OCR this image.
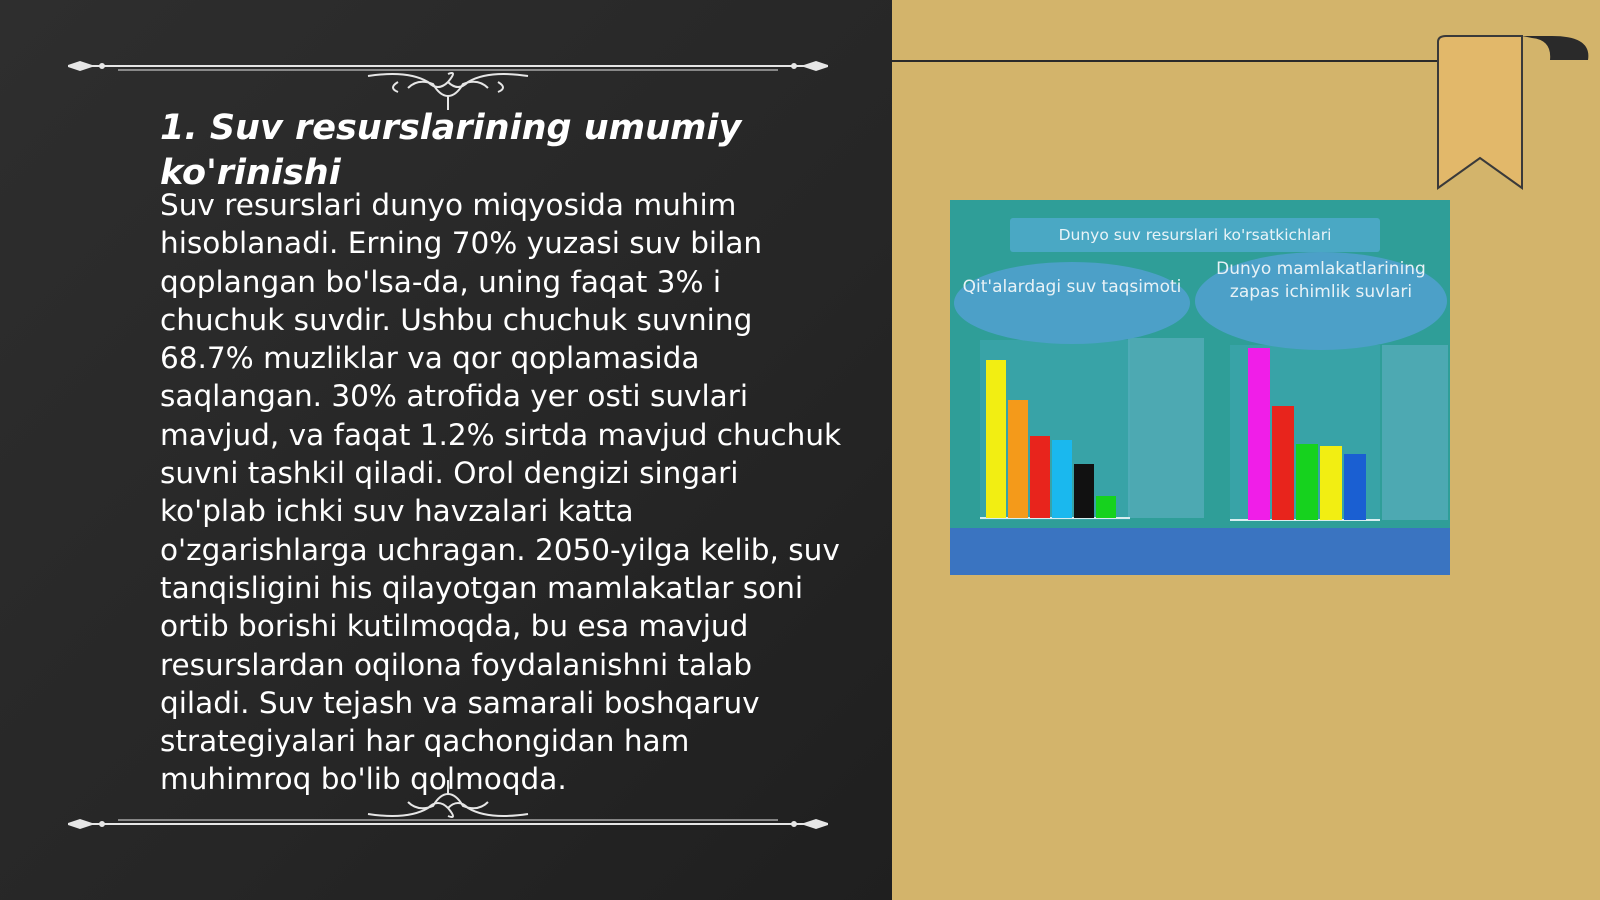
1. Suv resurslarining umumiy ko'rinishi

Suv resurslari dunyo miqyosida muhim hisoblanadi. Erning 70% yuzasi suv bilan qoplangan bo'lsa-da, uning faqat 3% i chuchuk suvdir. Ushbu chuchuk suvning 68.7% muzliklar va qor qoplamasida saqlangan. 30% atrofida yer osti suvlari mavjud, va faqat 1.2% sirtda mavjud chuchuk suvni tashkil qiladi. Orol dengizi singari ko'plab ichki suv havzalari katta o'zgarishlarga uchragan. 2050-yilga kelib, suv tanqisligini his qilayotgan mamlakatlar soni ortib borishi kutilmoqda, bu esa mavjud resurslardan oqilona foydalanishni talab qiladi. Suv tejash va samarali boshqaruv strategiyalari har qachongidan ham muhimroq bo'lib qolmoqda.

Dunyo suv resurslari ko'rsatkichlari
Qit'alardagi suv taqsimoti
Dunyo mamlakatlarining zapas ichimlik suvlari
